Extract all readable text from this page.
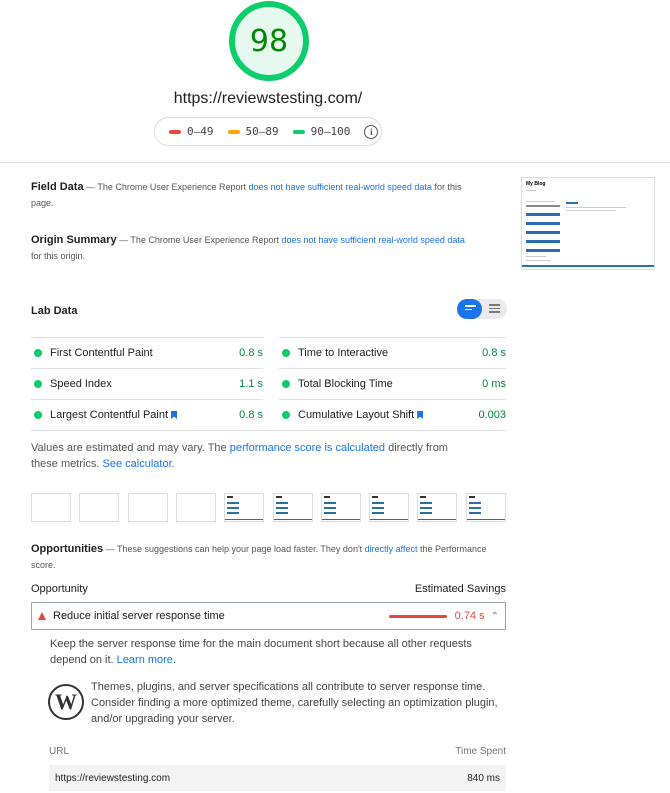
98
https://reviewstesting.com/
0–49	50–89	90–100	i
Field Data — The Chrome User Experience Report does not have sufficient real-world speed data for this page.
Origin Summary — The Chrome User Experience Report does not have sufficient real-world speed data for this origin.
My Blog
Lab Data
First Contentful Paint	0.8 s
Speed Index	1.1 s
Largest Contentful Paint	0.8 s
Time to Interactive	0.8 s
Total Blocking Time	0 ms
Cumulative Layout Shift	0.003
Values are estimated and may vary. The performance score is calculated directly from these metrics. See calculator.
Opportunities — These suggestions can help your page load faster. They don't directly affect the Performance score.
Opportunity	Estimated Savings
Reduce initial server response time	0.74 s ⌃
Keep the server response time for the main document short because all other requests depend on it. Learn more.
W
Themes, plugins, and server specifications all contribute to server response time. Consider finding a more optimized theme, carefully selecting an optimization plugin, and/or upgrading your server.
URL	Time Spent
https://reviewstesting.com	840 ms
